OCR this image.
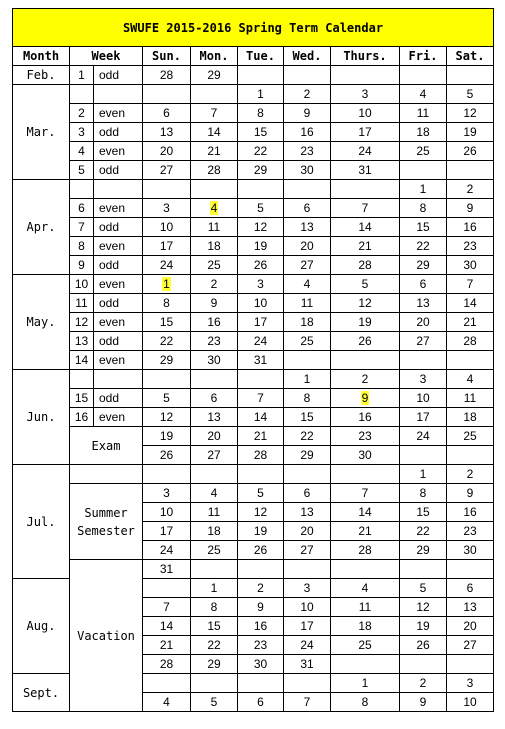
SWUFE 2015-2016 Spring Term Calendar									
Month	Week		Sun.	Mon.	Tue.	Wed.	Thurs.	Fri.	Sat.
Feb.	1	odd	28	29					
Mar.					1	2	3	4	5
	2	even	6	7	8	9	10	11	12
	3	odd	13	14	15	16	17	18	19
	4	even	20	21	22	23	24	25	26
	5	odd	27	28	29	30	31		
Apr.								1	2
	6	even	3	4	5	6	7	8	9
	7	odd	10	11	12	13	14	15	16
	8	even	17	18	19	20	21	22	23
	9	odd	24	25	26	27	28	29	30
May.	10	even	1	2	3	4	5	6	7
	11	odd	8	9	10	11	12	13	14
	12	even	15	16	17	18	19	20	21
	13	odd	22	23	24	25	26	27	28
	14	even	29	30	31				
Jun.						1	2	3	4
	15	odd	5	6	7	8	9	10	11
	16	even	12	13	14	15	16	17	18
	Exam		19	20	21	22	23	24	25
			26	27	28	29	30		
Jul.								1	2
	Summer Semester		3	4	5	6	7	8	9
			10	11	12	13	14	15	16
			17	18	19	20	21	22	23
			24	25	26	27	28	29	30
	Vacation		31						
Aug.				1	2	3	4	5	6
			7	8	9	10	11	12	13
			14	15	16	17	18	19	20
			21	22	23	24	25	26	27
			28	29	30	31			
Sept.							1	2	3
			4	5	6	7	8	9	10
